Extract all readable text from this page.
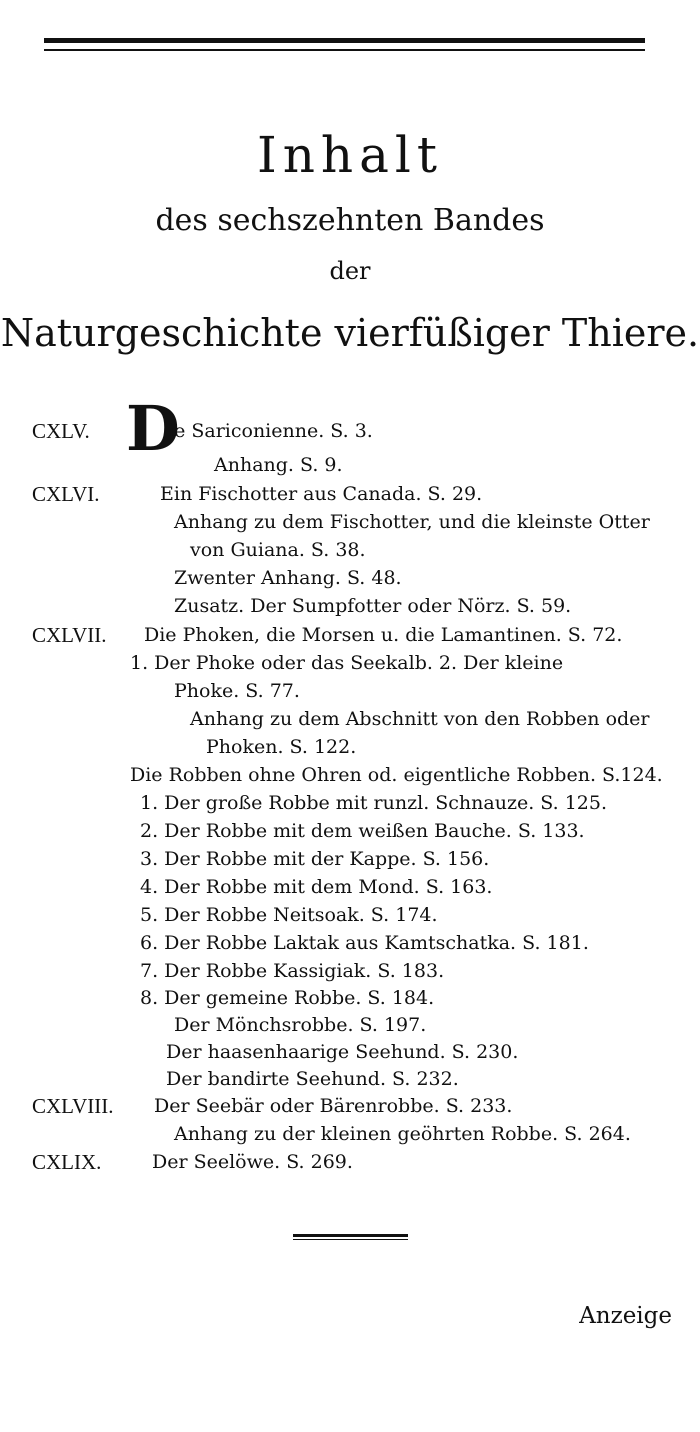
Inhalt
des sechszehnten Bandes
der
Naturgeschichte vierfüßiger Thiere.
D
CXLV.	ie Sariconienne. S. 3.
Anhang. S. 9.
CXLVI.	Ein Fischotter aus Canada. S. 29.
Anhang zu dem Fischotter, und die kleinste Otter
von Guiana. S. 38.
Zwenter Anhang. S. 48.
Zusatz. Der Sumpfotter oder Nörz. S. 59.
CXLVII. Die Phoken, die Morsen u. die Lamantinen. S. 72.
1. Der Phoke oder das Seekalb. 2. Der kleine
Phoke. S. 77.
Anhang zu dem Abschnitt von den Robben oder
Phoken. S. 122.
Die Robben ohne Ohren od. eigentliche Robben. S.124.
1. Der große Robbe mit runzl. Schnauze. S. 125.
2. Der Robbe mit dem weißen Bauche. S. 133.
3. Der Robbe mit der Kappe. S. 156.
4. Der Robbe mit dem Mond. S. 163.
5. Der Robbe Neitsoak. S. 174.
6. Der Robbe Laktak aus Kamtschatka. S. 181.
7. Der Robbe Kassigiak. S. 183.
8. Der gemeine Robbe. S. 184.
Der Mönchsrobbe. S. 197.
Der haasenhaarige Seehund. S. 230.
Der bandirte Seehund. S. 232.
CXLVIII. Der Seebär oder Bärenrobbe. S. 233.
Anhang zu der kleinen geöhrten Robbe. S. 264.
CXLIX.	Der Seelöwe. S. 269.
Anzeige
